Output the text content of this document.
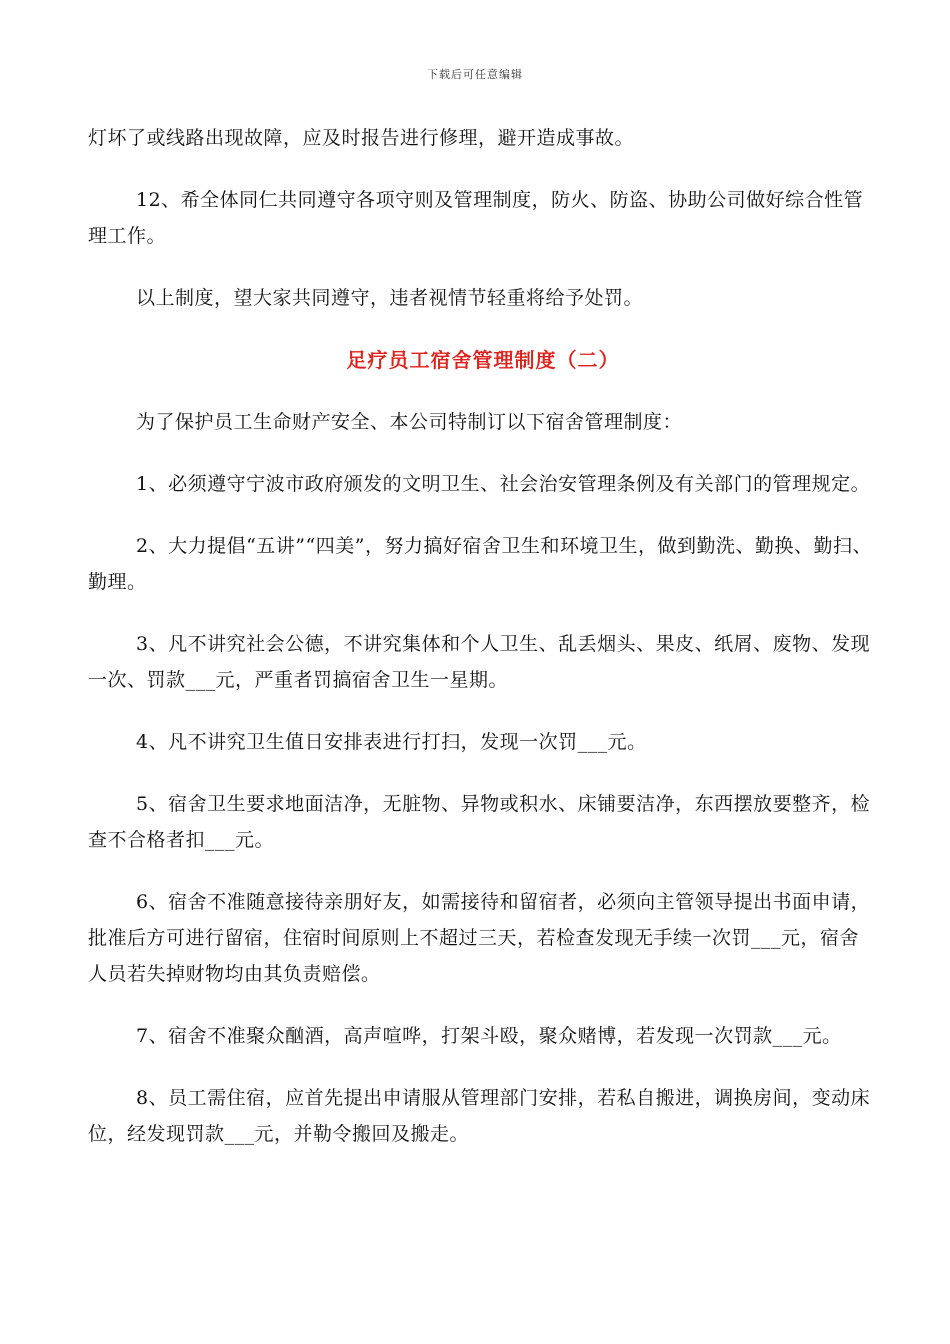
下载后可任意编辑

灯坏了或线路出现故障，应及时报告进行修理，避开造成事故。

12、希全体同仁共同遵守各项守则及管理制度，防火、防盗、协助公司做好综合性管理工作。

以上制度，望大家共同遵守，违者视情节轻重将给予处罚。

足疗员工宿舍管理制度（二）

为了保护员工生命财产安全、本公司特制订以下宿舍管理制度：

1、必须遵守宁波市政府颁发的文明卫生、社会治安管理条例及有关部门的管理规定。

2、大力提倡“五讲”“四美”，努力搞好宿舍卫生和环境卫生，做到勤洗、勤换、勤扫、勤理。

3、凡不讲究社会公德，不讲究集体和个人卫生、乱丢烟头、果皮、纸屑、废物、发现一次、罚款___元，严重者罚搞宿舍卫生一星期。

4、凡不讲究卫生值日安排表进行打扫，发现一次罚___元。

5、宿舍卫生要求地面洁净，无脏物、异物或积水、床铺要洁净，东西摆放要整齐，检查不合格者扣___元。

6、宿舍不准随意接待亲朋好友，如需接待和留宿者，必须向主管领导提出书面申请，批准后方可进行留宿，住宿时间原则上不超过三天，若检查发现无手续一次罚___元，宿舍人员若失掉财物均由其负责赔偿。

7、宿舍不准聚众酗酒，高声喧哗，打架斗殴，聚众赌博，若发现一次罚款___元。

8、员工需住宿，应首先提出申请服从管理部门安排，若私自搬进，调换房间，变动床位，经发现罚款___元，并勒令搬回及搬走。
